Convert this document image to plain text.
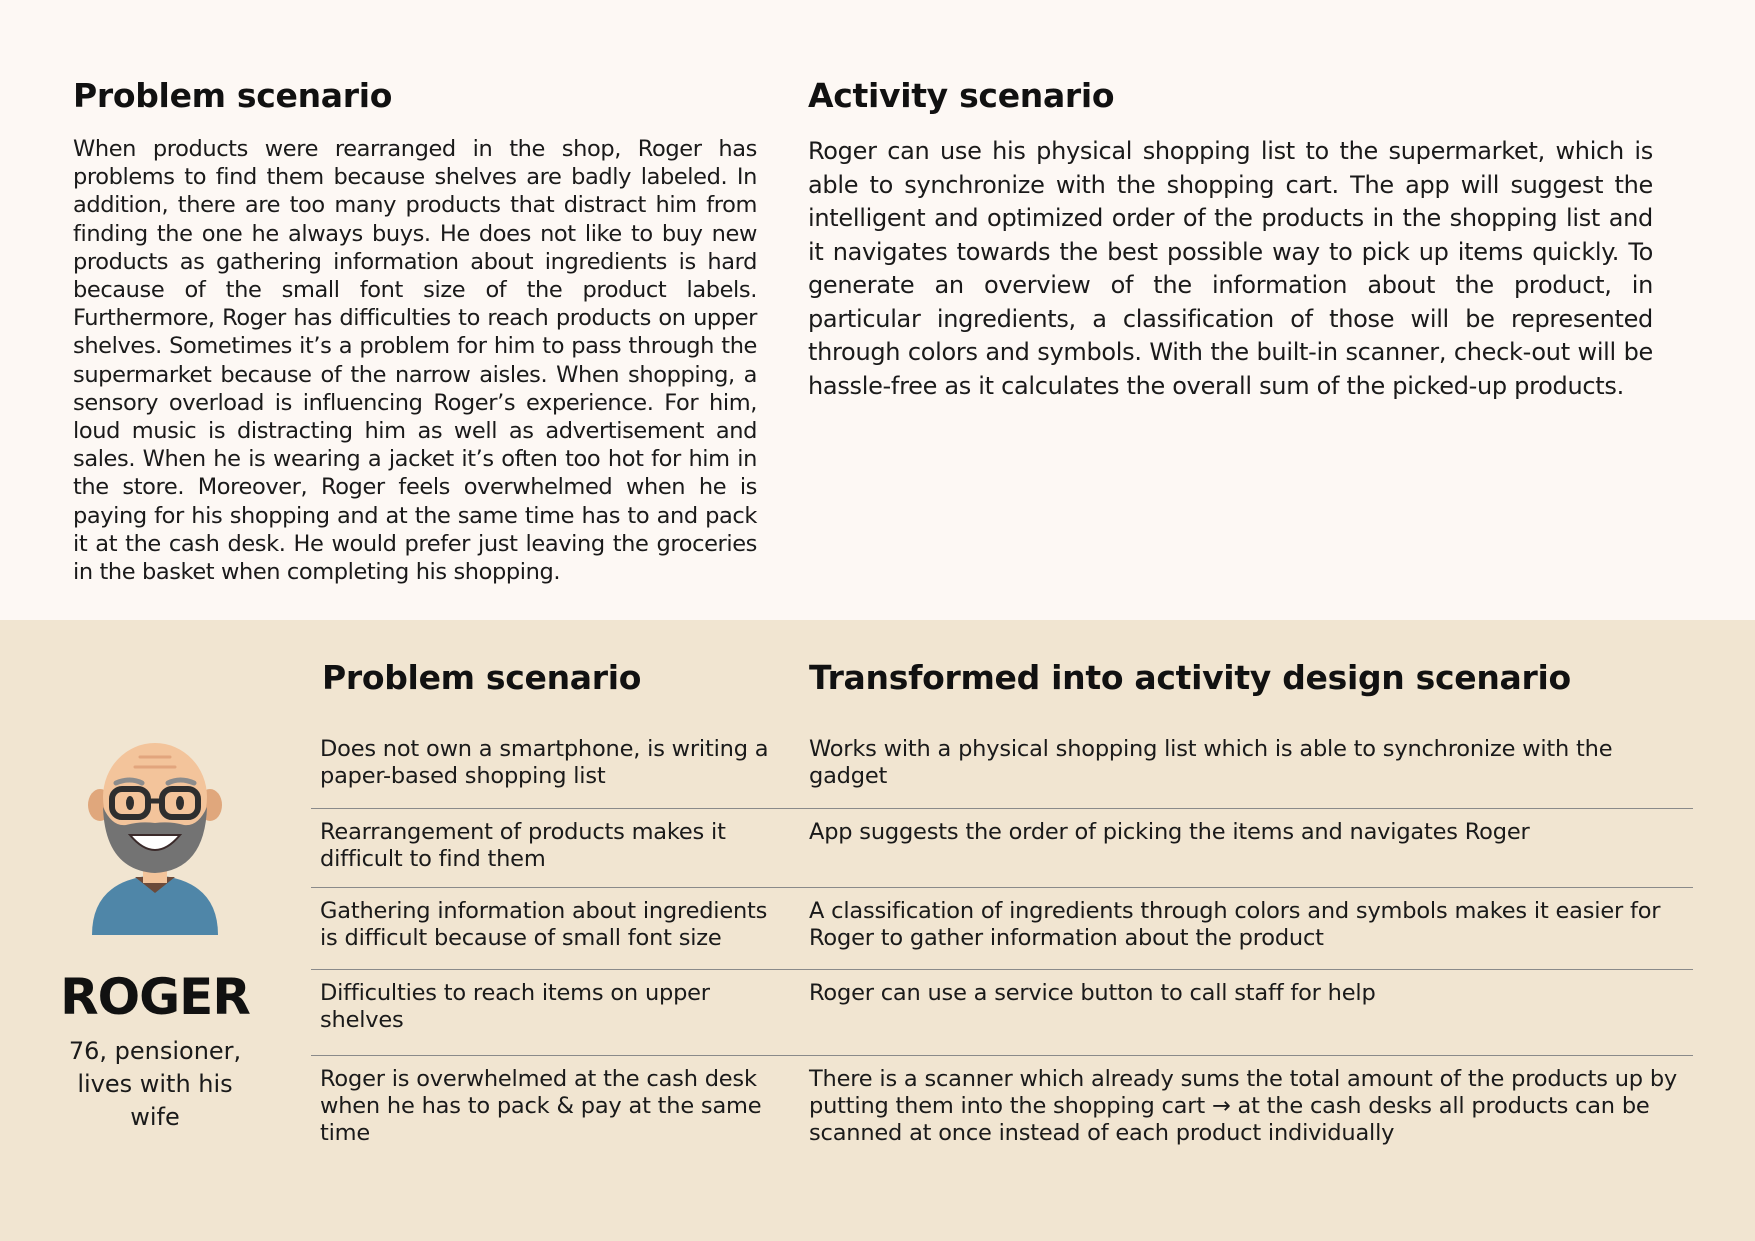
Problem scenario

When products were rearranged in the shop, Roger has problems to find them because shelves are badly labeled. In addition, there are too many products that distract him from finding the one he always buys. He does not like to buy new products as gathering information about ingredients is hard because of the small font size of the product labels. Furthermore, Roger has difficulties to reach products on upper shelves. Sometimes it’s a problem for him to pass through the supermarket because of the narrow aisles. When shopping, a sensory overload is influencing Roger’s experience. For him, loud music is distracting him as well as advertisement and sales. When he is wearing a jacket it’s often too hot for him in the store. Moreover, Roger feels overwhelmed when he is paying for his shopping and at the same time has to and pack it at the cash desk. He would prefer just leaving the groceries in the basket when completing his shopping.

Activity scenario

Roger can use his physical shopping list to the supermarket, which is able to synchronize with the shopping cart. The app will suggest the intelligent and optimized order of the products in the shopping list and it navigates towards the best possible way to pick up items quickly. To generate an overview of the information about the product, in particular ingredients, a classification of those will be represented through colors and symbols. With the built-in scanner, check-out will be hassle-free as it calculates the overall sum of the picked-up products.

ROGER
76, pensioner, lives with his wife
Problem scenario	Transformed into activity design scenario
Does not own a smartphone, is writing a paper-based shopping list
Works with a physical shopping list which is able to synchronize with the gadget
Rearrangement of products makes it difficult to find them
App suggests the order of picking the items and navigates Roger
Gathering information about ingredients is difficult because of small font size
A classification of ingredients through colors and symbols makes it easier for Roger to gather information about the product
Difficulties to reach items on upper shelves
Roger can use a service button to call staff for help
Roger is overwhelmed at the cash desk when he has to pack & pay at the same time
There is a scanner which already sums the total amount of the products up by putting them into the shopping cart → at the cash desks all products can be scanned at once instead of each product individually
